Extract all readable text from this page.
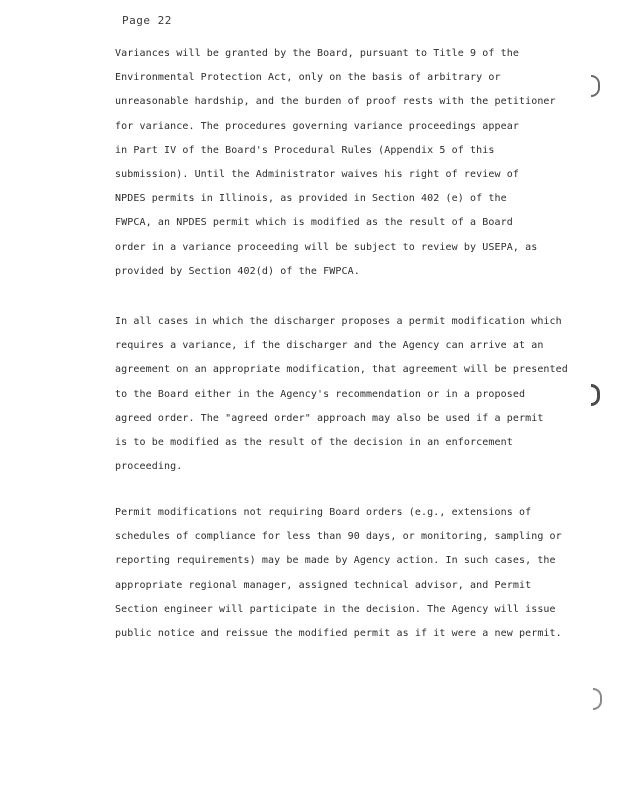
Page 22
Variances will be granted by the Board, pursuant to Title 9 of the
Environmental Protection Act, only on the basis of arbitrary or
unreasonable hardship, and the burden of proof rests with the petitioner
for variance. The procedures governing variance proceedings appear
in Part IV of the Board's Procedural Rules (Appendix 5 of this
submission). Until the Administrator waives his right of review of
NPDES permits in Illinois, as provided in Section 402 (e) of the
FWPCA, an NPDES permit which is modified as the result of a Board
order in a variance proceeding will be subject to review by USEPA, as
provided by Section 402(d) of the FWPCA.
In all cases in which the discharger proposes a permit modification which
requires a variance, if the discharger and the Agency can arrive at an
agreement on an appropriate modification, that agreement will be presented
to the Board either in the Agency's recommendation or in a proposed
agreed order. The "agreed order" approach may also be used if a permit
is to be modified as the result of the decision in an enforcement
proceeding.
Permit modifications not requiring Board orders (e.g., extensions of
schedules of compliance for less than 90 days, or monitoring, sampling or
reporting requirements) may be made by Agency action. In such cases, the
appropriate regional manager, assigned technical advisor, and Permit
Section engineer will participate in the decision. The Agency will issue
public notice and reissue the modified permit as if it were a new permit.
